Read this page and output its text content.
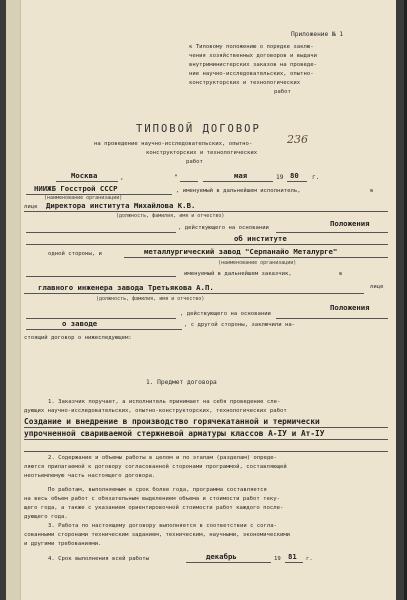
Приложение № 1
к Типовому положению о порядке заклю-
чения хозяйственных договоров и выдачи
внутриминистерских заказов на проведе-
ние научно-исследовательских, опытно-
конструкторских и технологических
работ
ТИПОВОЙ ДОГОВОР
236
на проведение научно-исследовательских, опытно-
конструкторских и технологических
работ
Москва	,	"	мая	19 80 г.
НИИЖБ Госстрой СССР	, именуемый в дальнейшем исполнитель,	в
(наименование организации)
лице Директора института Михайлова К.В.
(должность, фамилия, имя и отчество)
, действующего на основании	Положения
об институте
одной стороны, и	металлургический завод "Серпанайо Металурге"
(наименование организации)
именуемый в дальнейшем заказчик,	в
лице
главного инженера завода Третьякова А.П.
(должность, фамилия, имя и отчество)
, действующего на основании
Положения
о заводе	, с другой стороны, заключили на-
стоящий договор о нижеследующем:
1. Предмет договора
1. Заказчик поручает, а исполнитель принимает на себя проведение сле-
дующих научно-исследовательских, опытно-конструкторских, технологических работ
Создание и внедрение в производство горячекатанной и термически
упрочненной свариваемой стержневой арматуры классов А-IУ и Ат-IУ
2. Содержание и объемы работы в целом и по этапам (разделам) опреде-
ляются прилагаемой к договору согласованной сторонами программой, составляющей
неотъемлемую часть настоящего договора.
По работам, выполняемым в срок более года, программа составляется
на весь объем работ с обязательным выделением объема и стоимости работ теку-
щего года, а также с указанием ориентировочной стоимости работ каждого после-
дующего года.
3. Работа по настоящему договору выполняется в соответствии с согла-
сованными сторонами техническим заданием, техническим, научными, экономическими
и другими требованиями.
4. Срок выполнения всей работы	декабрь	19 81 г.
